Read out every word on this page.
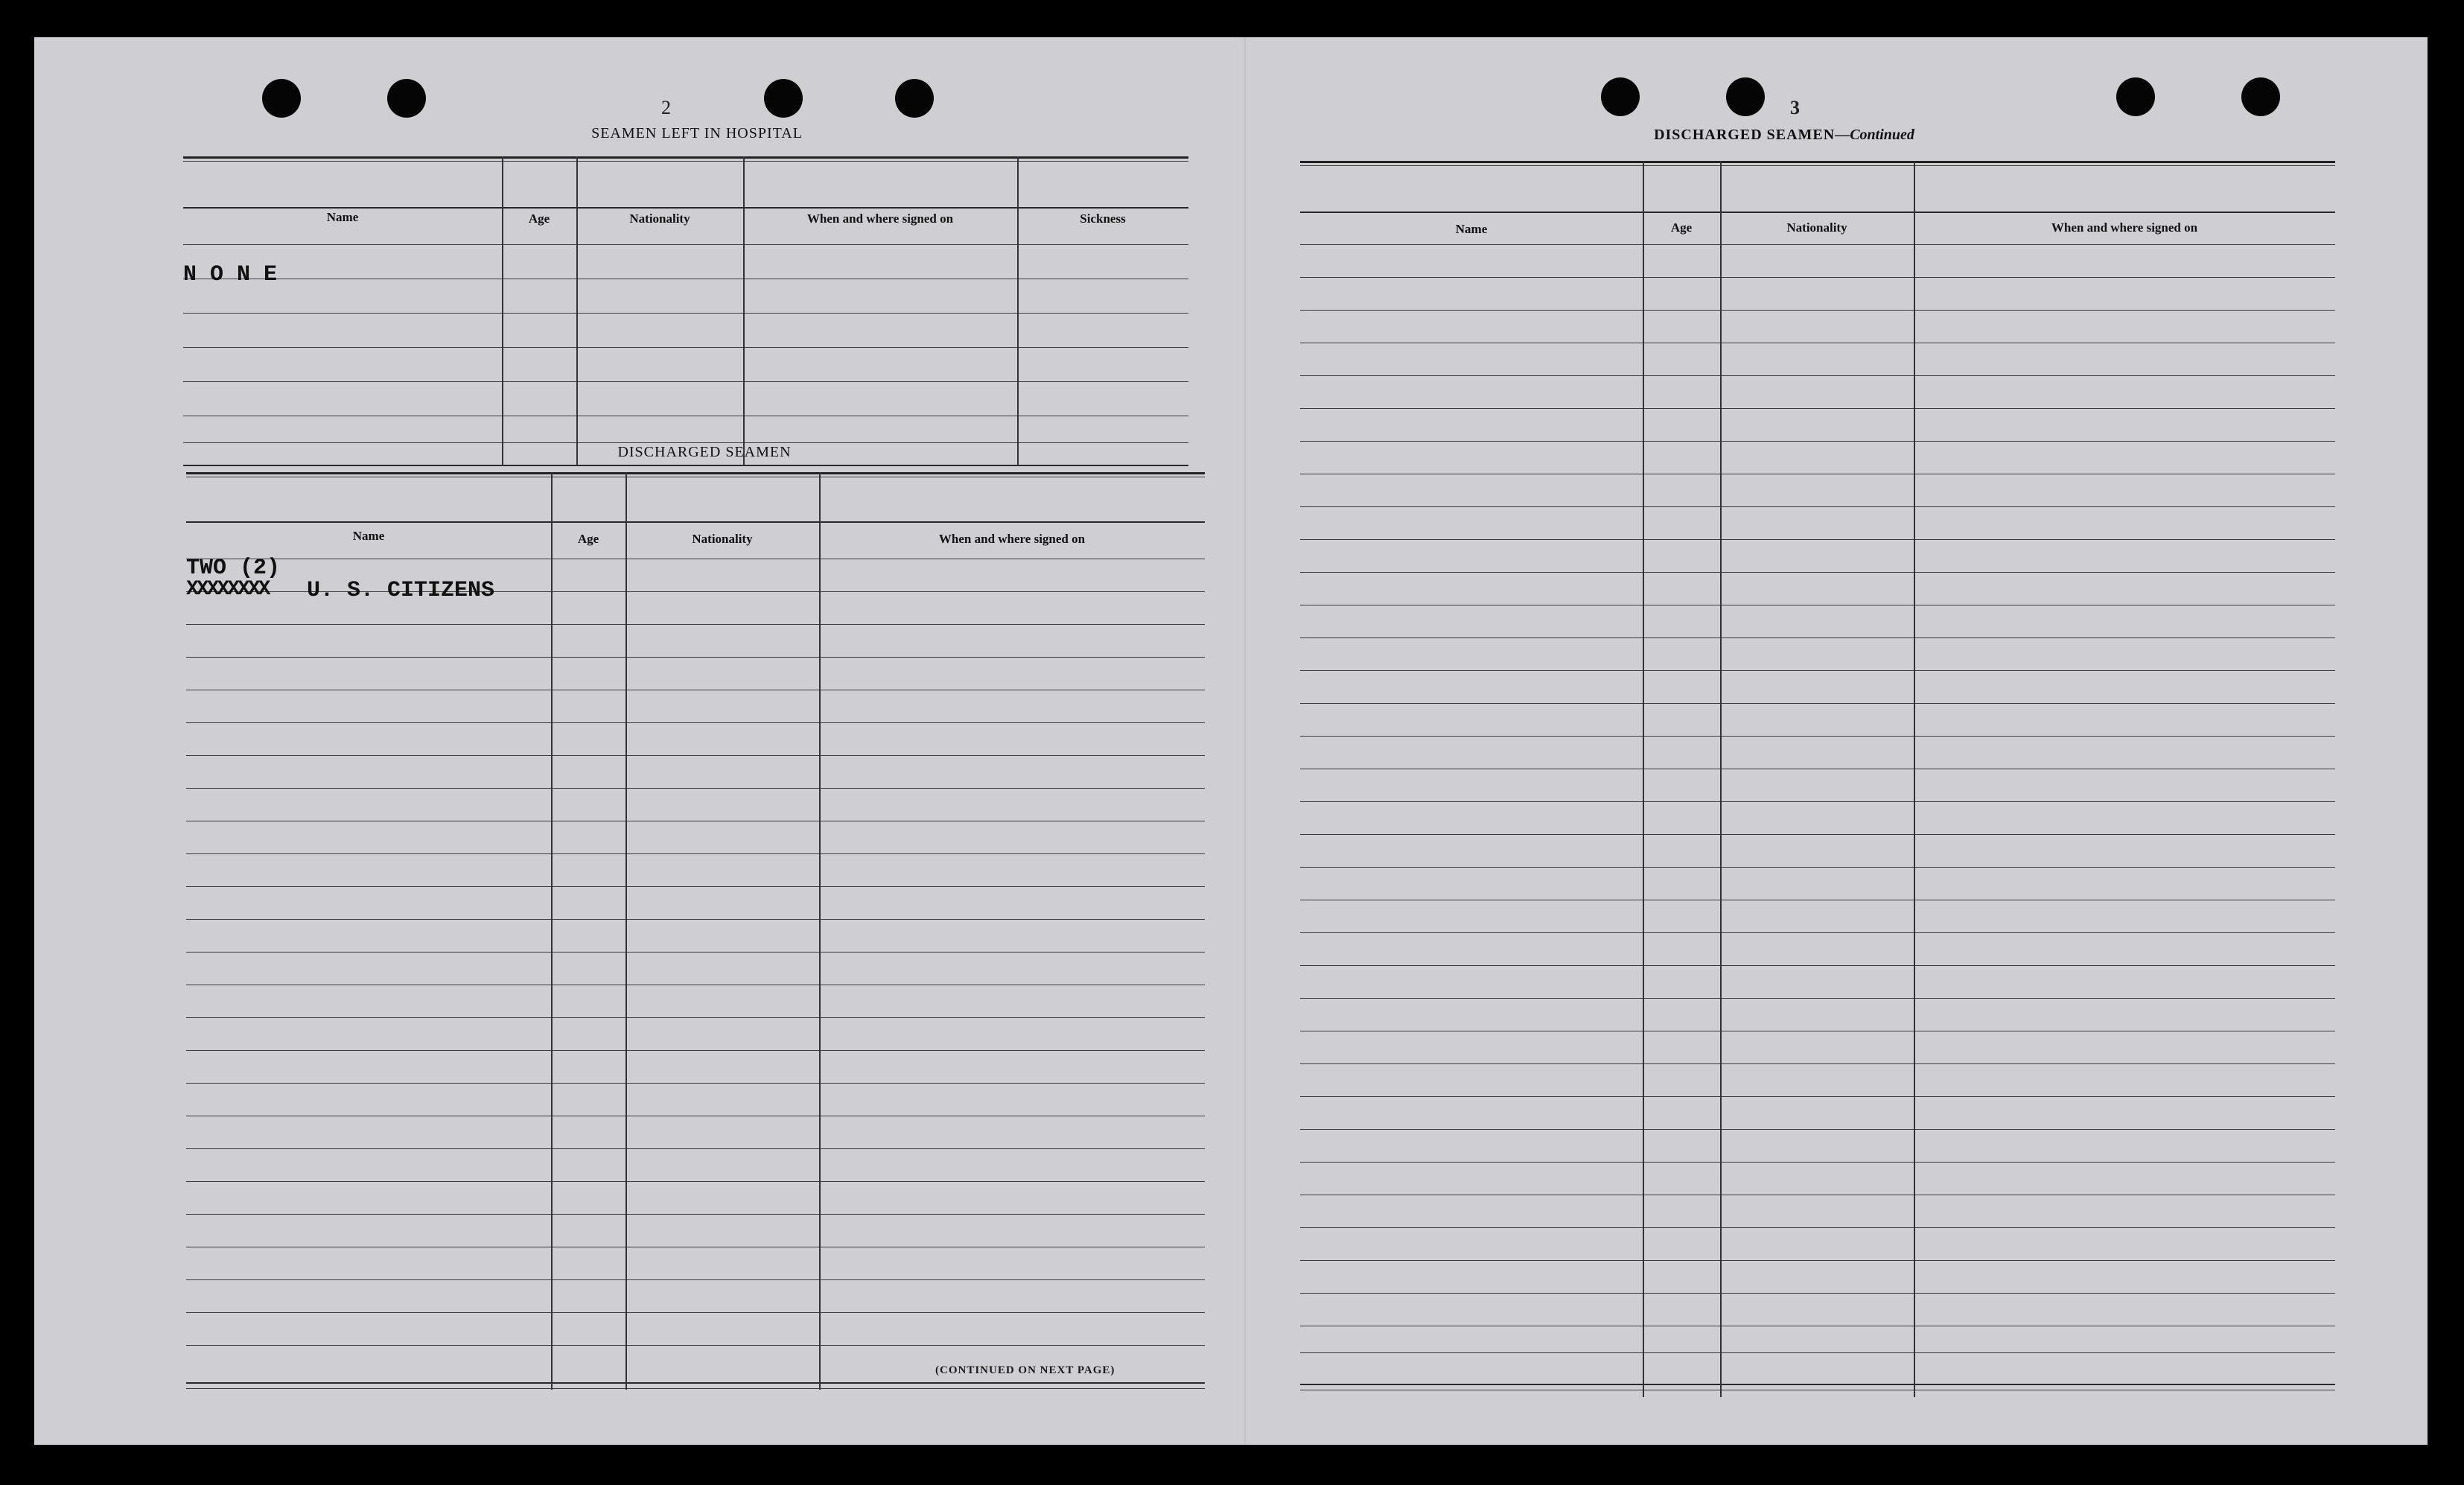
2
SEAMEN LEFT IN HOSPITAL
Name	Age	Nationality	When and where signed on	Sickness
N O N E
DISCHARGED SEAMEN
Name	Age	Nationality	When and where signed on
TWO (2)
XXXXXXXX U. S. CITIZENS
(CONTINUED ON NEXT PAGE)
3
DISCHARGED SEAMEN—Continued
Name	Age	Nationality	When and where signed on
